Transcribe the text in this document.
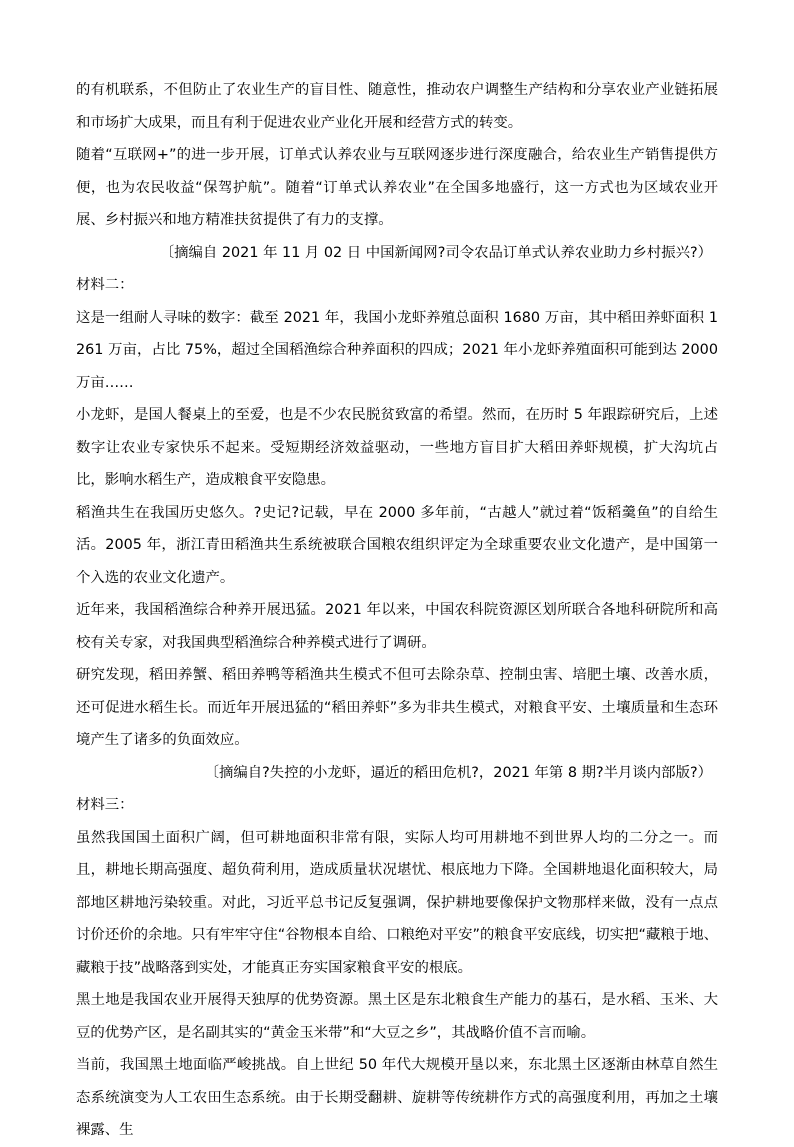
的有机联系，不但防止了农业生产的盲目性、随意性，推动农户调整生产结构和分享农业产业链拓展和市场扩大成果，而且有利于促进农业产业化开展和经营方式的转变。

随着“互联网+”的进一步开展，订单式认养农业与互联网逐步进行深度融合，给农业生产销售提供方便，也为农民收益“保驾护航”。随着“订单式认养农业”在全国多地盛行，这一方式也为区域农业开展、乡村振兴和地方精准扶贫提供了有力的支撑。

〔摘编自 2021 年 11 月 02 日 中国新闻网?司令农品订单式认养农业助力乡村振兴?）

材料二：

这是一组耐人寻味的数字：截至 2021 年，我国小龙虾养殖总面积 1680 万亩，其中稻田养虾面积 1261 万亩，占比 75%，超过全国稻渔综合种养面积的四成；2021 年小龙虾养殖面积可能到达 2000 万亩……

小龙虾，是国人餐桌上的至爱，也是不少农民脱贫致富的希望。然而，在历时 5 年跟踪研究后，上述数字让农业专家快乐不起来。受短期经济效益驱动，一些地方盲目扩大稻田养虾规模，扩大沟坑占比，影响水稻生产，造成粮食平安隐患。

稻渔共生在我国历史悠久。?史记?记载，早在 2000 多年前，“古越人”就过着“饭稻羹鱼”的自给生活。2005 年，浙江青田稻渔共生系统被联合国粮农组织评定为全球重要农业文化遗产，是中国第一个入选的农业文化遗产。

近年来，我国稻渔综合种养开展迅猛。2021 年以来，中国农科院资源区划所联合各地科研院所和高校有关专家，对我国典型稻渔综合种养模式进行了调研。

研究发现，稻田养蟹、稻田养鸭等稻渔共生模式不但可去除杂草、控制虫害、培肥土壤、改善水质，还可促进水稻生长。而近年开展迅猛的“稻田养虾”多为非共生模式，对粮食平安、土壤质量和生态环境产生了诸多的负面效应。

〔摘编自?失控的小龙虾，逼近的稻田危机?，2021 年第 8 期?半月谈内部版?）

材料三：

虽然我国国土面积广阔，但可耕地面积非常有限，实际人均可用耕地不到世界人均的二分之一。而且，耕地长期高强度、超负荷利用，造成质量状况堪忧、根底地力下降。全国耕地退化面积较大，局部地区耕地污染较重。对此，习近平总书记反复强调，保护耕地要像保护文物那样来做，没有一点点讨价还价的余地。只有牢牢守住“谷物根本自给、口粮绝对平安”的粮食平安底线，切实把“藏粮于地、藏粮于技”战略落到实处，才能真正夯实国家粮食平安的根底。

黑土地是我国农业开展得天独厚的优势资源。黑土区是东北粮食生产能力的基石，是水稻、玉米、大豆的优势产区，是名副其实的“黄金玉米带”和“大豆之乡”，其战略价值不言而喻。

当前，我国黑土地面临严峻挑战。自上世纪 50 年代大规模开垦以来，东北黑土区逐渐由林草自然生态系统演变为人工农田生态系统。由于长期受翻耕、旋耕等传统耕作方式的高强度利用，再加之土壤裸露、生
